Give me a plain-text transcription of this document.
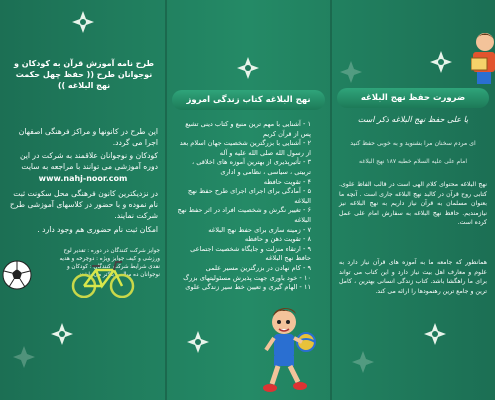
طرح نامه آموزش قرآن به کودکان و نوجوانان طرح (( حفظ چهل حکمت نهج البلاغه ))
این طرح در کانونها و مراکز فرهنگی اصفهان اجرا می گردد.
کودکان و نوجوانان علاقمند به شرکت در این دوره آموزشی می توانند با مراجعه به سایت
www.nahj-noor.com
در نزدیکترین کانون فرهنگی محل سکونت ثبت نام نموده و با حضور در کلاسهای آموزشی طرح شرکت نمایند.
امکان ثبت نام حضوری هم وجود دارد .
جوایز شرکت کنندگان در دوره : تقدیر لوح ورزشی و کیف جوایز ویژه : دوچرخه و هدیه نقدی شرایط شرکت کنندگان : کودکان و نوجوانان ده ساله و بالاتر می باشند
نهج البلاغه کتاب زندگی امروز
۱ - آشنایی با مهم ترین منبع و کتاب دینی تشیع پس از قرآن کریم
۲ - آشنایی با بزرگترین شخصیت جهان اسلام بعد از رسول الله صلی الله علیه و آله
۳ - تأثیرپذیری از بهترین آموزه های اخلاقی ، تربیتی ، سیاسی ، نظامی و اداری
۴ - تقویت حافظه
۵ - آمادگی برای اجرای اجرای طرح حفظ نهج البلاغه
۶ - تغییر نگرش و شخصیت افراد در اثر حفظ نهج البلاغه
۷ - زمینه سازی برای حفظ نهج البلاغه
۸ - تقویت ذهن و حافظه
۹ - ارتقاء منزلت و جایگاه شخصیت اجتماعی
حافظ نهج البلاغه
۹ - کام نهادن در بزرگترین مسیر علمی
۱۰ - خود باوری جهت پذیرش مسئولیتهای بزرگ
۱۱ - الهام گیری و تعیین خط سیر زندگی علوی
ضرورت حفظ نهج البلاغه
یا علی حفظ نهج البلاغه ذکر است
ای مردم سخنان مرا بشنوید و به خوبی حفظ کنید
امام علی علیه السلام خطبه ۱۸۷ نهج البلاغه
نهج البلاغه محتوای کلام الهی است در قالب الفاظ علوی. کتابی روح قرآن در کالبد نهج البلاغه جاری است . آنچه ما بعنوان مسلمان به قرآن نیاز داریم به نهج البلاغه نیز نیازمندیم. حافظ نهج البلاغه به سفارش امام علی عمل کرده است.
همانطور که جامعه ما به آموزه های قرآن نیاز دارد به علوم و معارف اهل بیت نیاز دارد و این کتاب می تواند برای ما راهگشا باشد. کتاب زندگی انسانی بهترین ، کامل ترین و جامع ترین رهنمودها را ارائه می کند.
